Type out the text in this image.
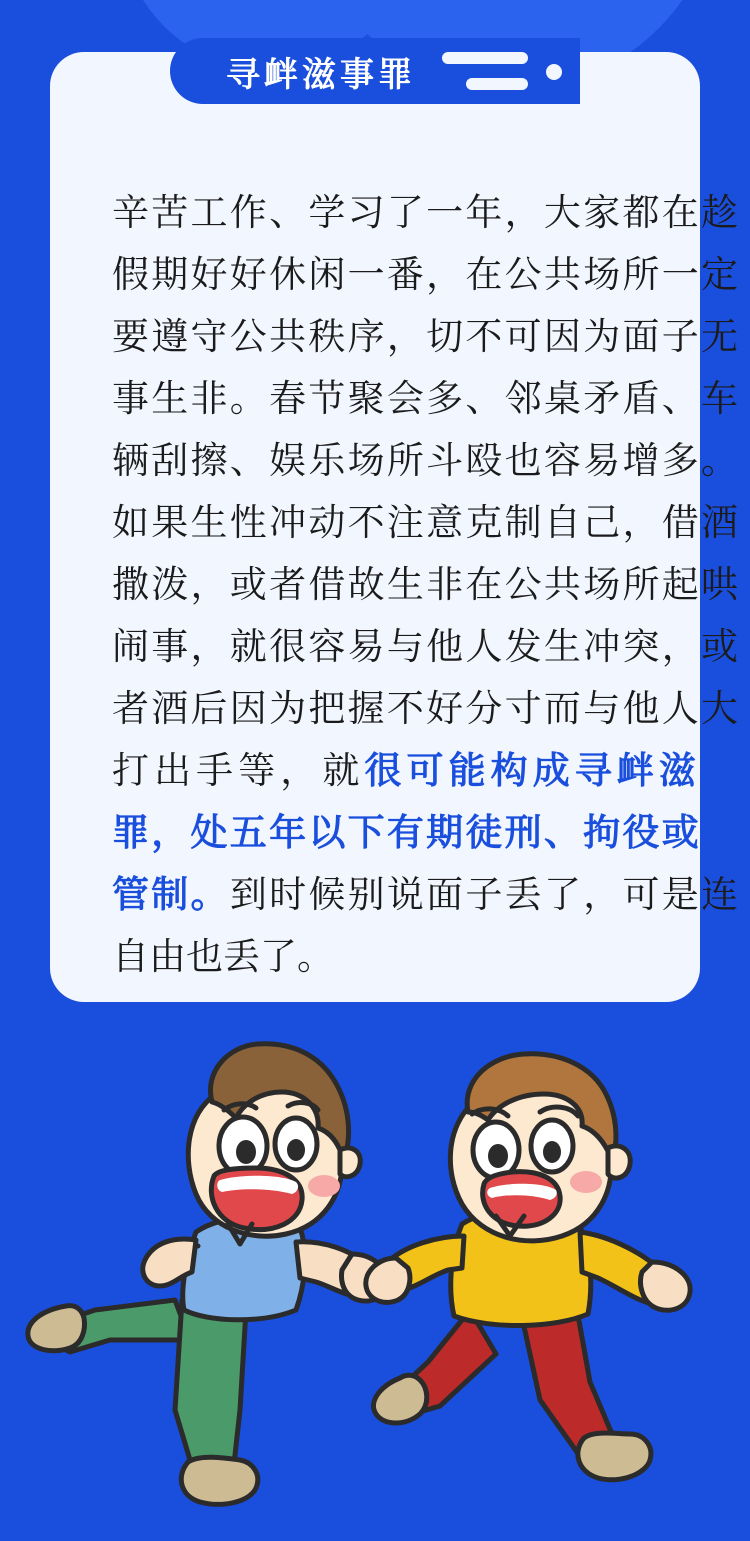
辛苦工作、学习了一年，大家都在趁假期好好休闲一番，在公共场所一定要遵守公共秩序，切不可因为面子无事生非。春节聚会多、邻桌矛盾、车辆刮擦、娱乐场所斗殴也容易增多。如果生性冲动不注意克制自己，借酒撒泼，或者借故生非在公共场所起哄闹事，就很容易与他人发生冲突，或者酒后因为把握不好分寸而与他人大打出手等，就很可能构成寻衅滋事罪，处五年以下有期徒刑、拘役或者管制。到时候别说面子丢了，可是连自由也丢了。
寻衅滋事罪
